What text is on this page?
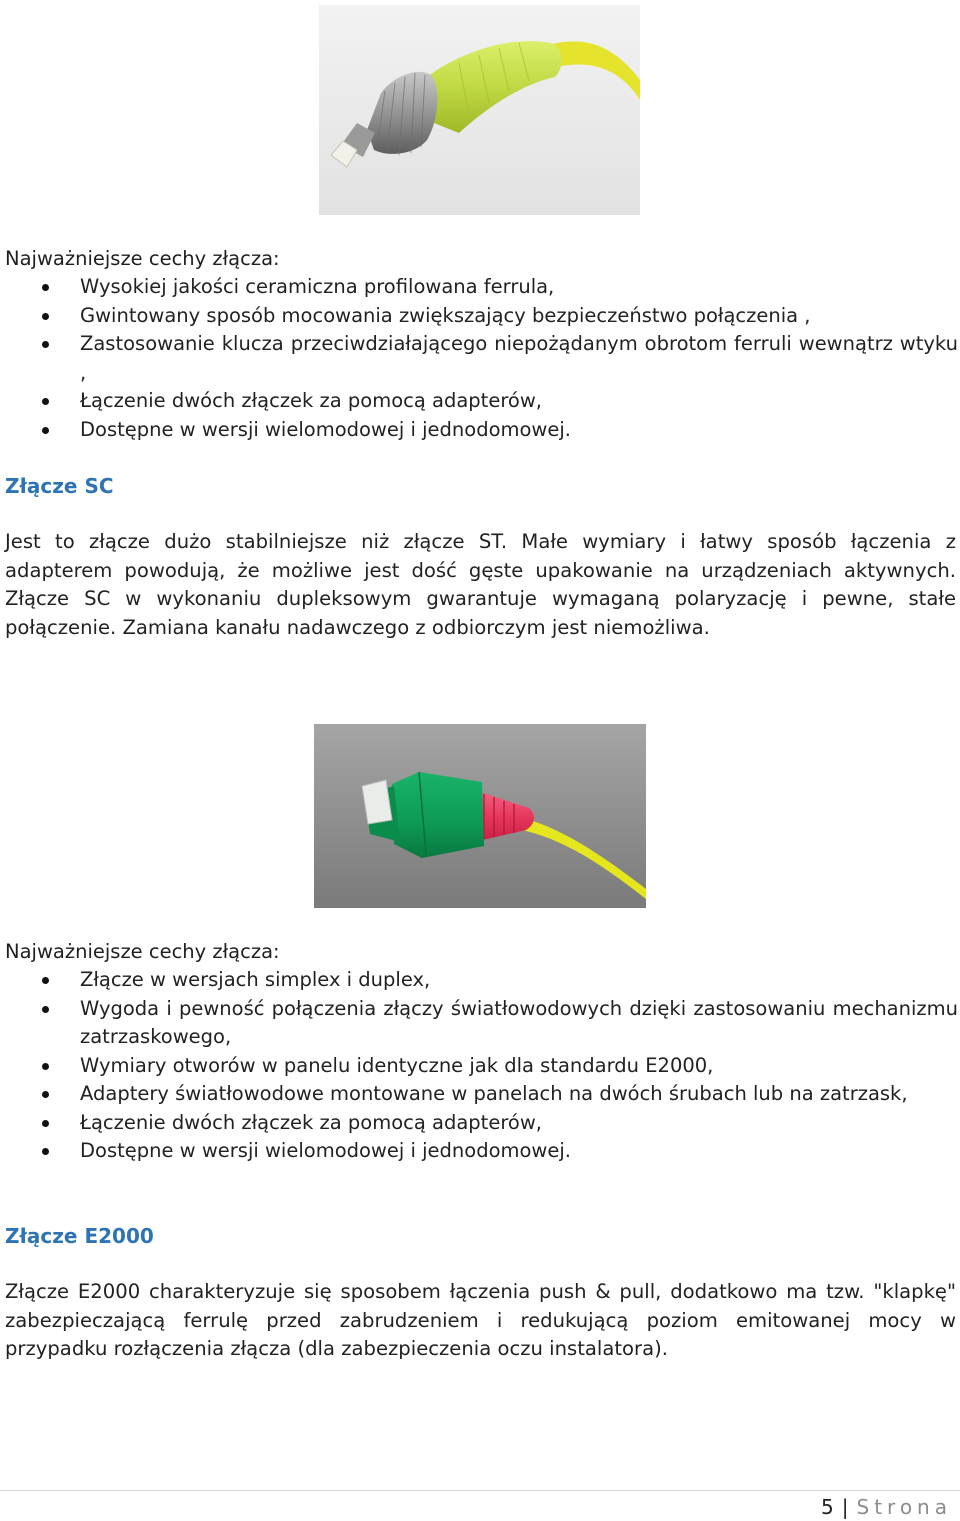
Najważniejsze cechy złącza:
Wysokiej jakości ceramiczna profilowana ferrula,
Gwintowany sposób mocowania zwiększający bezpieczeństwo połączenia ,
Zastosowanie klucza przeciwdziałającego niepożądanym obrotom ferruli wewnątrz wtyku ,
Łączenie dwóch złączek za pomocą adapterów,
Dostępne w wersji wielomodowej i jednodomowej.
Złącze SC

Jest to złącze dużo stabilniejsze niż złącze ST. Małe wymiary i łatwy sposób łączenia z adapterem powodują, że możliwe jest dość gęste upakowanie na urządzeniach aktywnych. Złącze SC w wykonaniu dupleksowym gwarantuje wymaganą polaryzację i pewne, stałe połączenie. Zamiana kanału nadawczego z odbiorczym jest niemożliwa.

Najważniejsze cechy złącza:
Złącze w wersjach simplex i duplex,
Wygoda i pewność połączenia złączy światłowodowych dzięki zastosowaniu mechanizmu zatrzaskowego,
Wymiary otworów w panelu identyczne jak dla standardu E2000,
Adaptery światłowodowe montowane w panelach na dwóch śrubach lub na zatrzask,
Łączenie dwóch złączek za pomocą adapterów,
Dostępne w wersji wielomodowej i jednodomowej.
Złącze E2000

Złącze E2000 charakteryzuje się sposobem łączenia push & pull, dodatkowo ma tzw. "klapkę" zabezpieczającą ferrulę przed zabrudzeniem i redukującą poziom emitowanej mocy w przypadku rozłączenia złącza (dla zabezpieczenia oczu instalatora).

5 | Strona
